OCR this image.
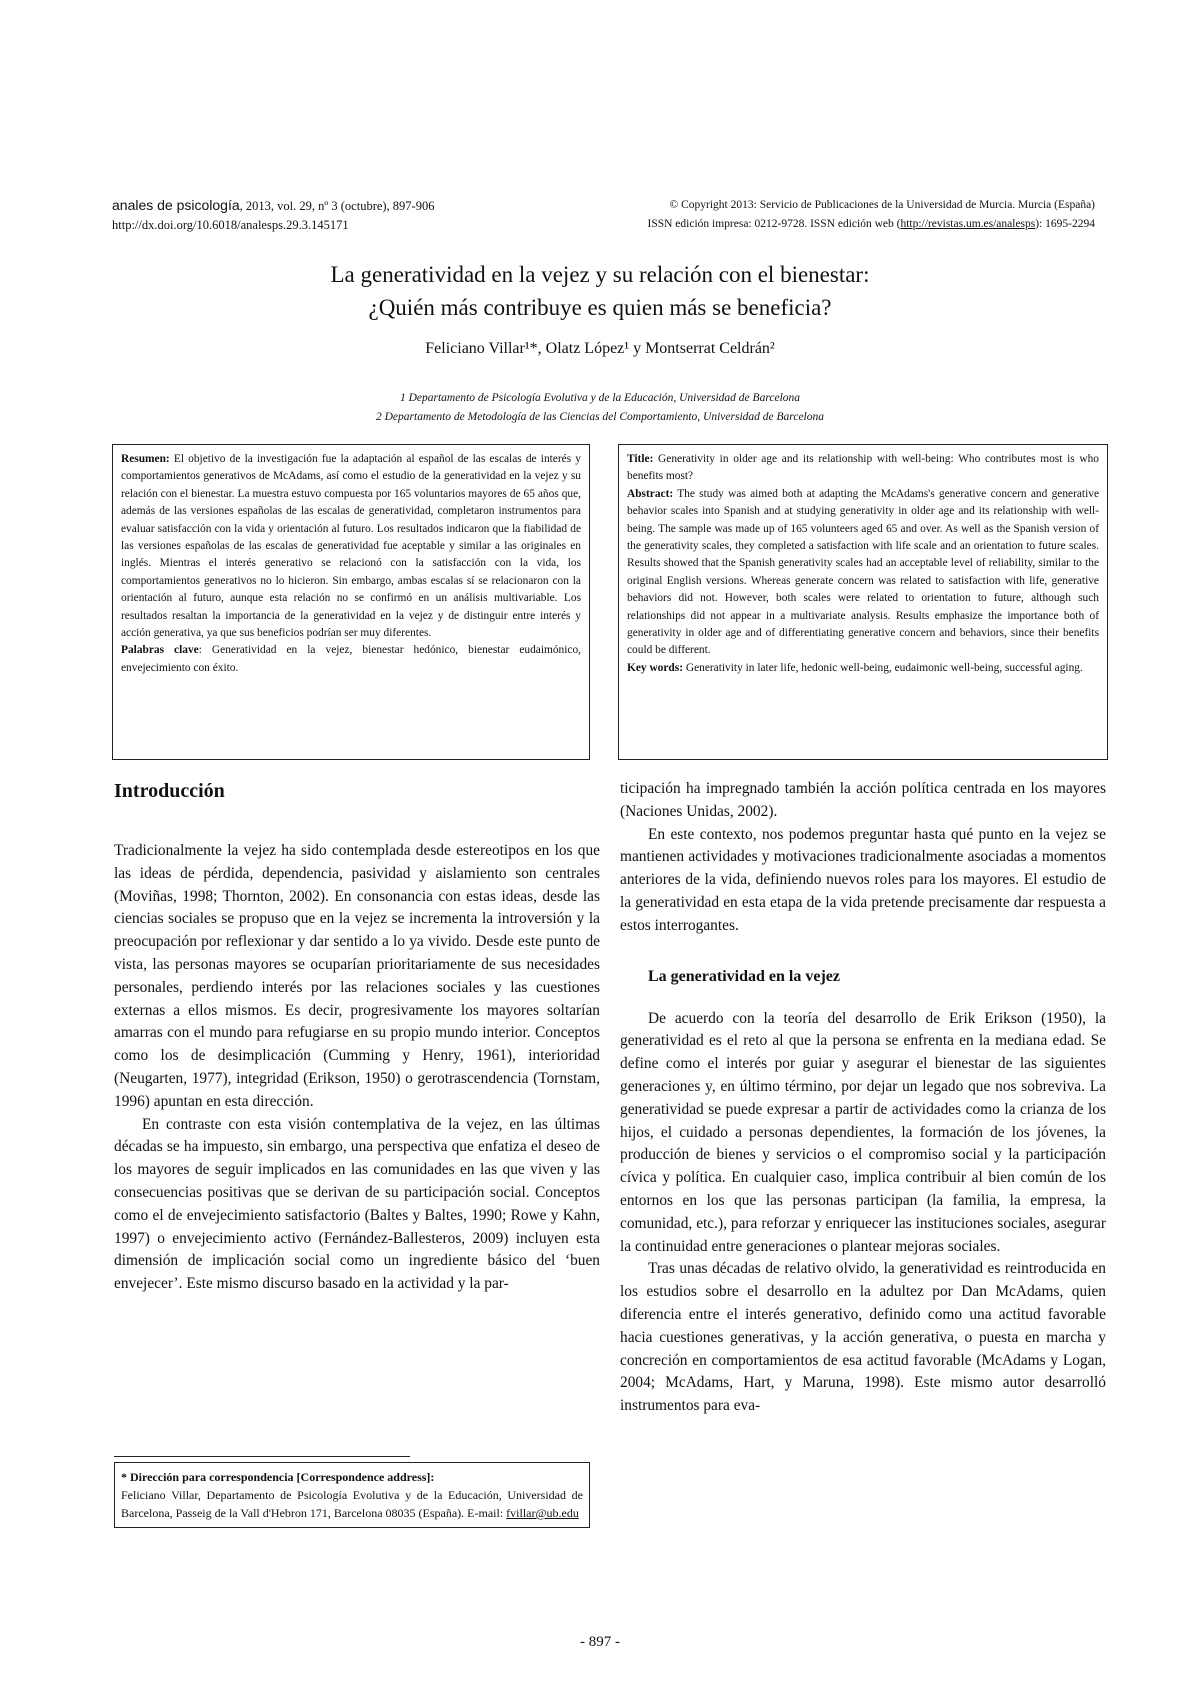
anales de psicología, 2013, vol. 29, nº 3 (octubre), 897-906
http://dx.doi.org/10.6018/analesps.29.3.145171
© Copyright 2013: Servicio de Publicaciones de la Universidad de Murcia. Murcia (España)
ISSN edición impresa: 0212-9728. ISSN edición web (http://revistas.um.es/analesps): 1695-2294
La generatividad en la vejez y su relación con el bienestar:
¿Quién más contribuye es quien más se beneficia?
Feliciano Villar¹*, Olatz López¹ y Montserrat Celdrán²
1 Departamento de Psicología Evolutiva y de la Educación, Universidad de Barcelona
2 Departamento de Metodología de las Ciencias del Comportamiento, Universidad de Barcelona

Resumen: El objetivo de la investigación fue la adaptación al español de las escalas de interés y comportamientos generativos de McAdams, así como el estudio de la generatividad en la vejez y su relación con el bienestar. La muestra estuvo compuesta por 165 voluntarios mayores de 65 años que, además de las versiones españolas de las escalas de generatividad, completaron instrumentos para evaluar satisfacción con la vida y orientación al futuro. Los resultados indicaron que la fiabilidad de las versiones españolas de las escalas de generatividad fue aceptable y similar a las originales en inglés. Mientras el interés generativo se relacionó con la satisfacción con la vida, los comportamientos generativos no lo hicieron. Sin embargo, ambas escalas sí se relacionaron con la orientación al futuro, aunque esta relación no se confirmó en un análisis multivariable. Los resultados resaltan la importancia de la generatividad en la vejez y de distinguir entre interés y acción generativa, ya que sus beneficios podrían ser muy diferentes.

Palabras clave: Generatividad en la vejez, bienestar hedónico, bienestar eudaimónico, envejecimiento con éxito.

Title: Generativity in older age and its relationship with well-being: Who contributes most is who benefits most?

Abstract: The study was aimed both at adapting the McAdams's generative concern and generative behavior scales into Spanish and at studying generativity in older age and its relationship with well-being. The sample was made up of 165 volunteers aged 65 and over. As well as the Spanish version of the generativity scales, they completed a satisfaction with life scale and an orientation to future scales. Results showed that the Spanish generativity scales had an acceptable level of reliability, similar to the original English versions. Whereas generate concern was related to satisfaction with life, generative behaviors did not. However, both scales were related to orientation to future, although such relationships did not appear in a multivariate analysis. Results emphasize the importance both of generativity in older age and of differentiating generative concern and behaviors, since their benefits could be different.

Key words: Generativity in later life, hedonic well-being, eudaimonic well-being, successful aging.

Introducción

Tradicionalmente la vejez ha sido contemplada desde estereotipos en los que las ideas de pérdida, dependencia, pasividad y aislamiento son centrales (Moviñas, 1998; Thornton, 2002). En consonancia con estas ideas, desde las ciencias sociales se propuso que en la vejez se incrementa la introversión y la preocupación por reflexionar y dar sentido a lo ya vivido. Desde este punto de vista, las personas mayores se ocuparían prioritariamente de sus necesidades personales, perdiendo interés por las relaciones sociales y las cuestiones externas a ellos mismos. Es decir, progresivamente los mayores soltarían amarras con el mundo para refugiarse en su propio mundo interior. Conceptos como los de desimplicación (Cumming y Henry, 1961), interioridad (Neugarten, 1977), integridad (Erikson, 1950) o gerotrascendencia (Tornstam, 1996) apuntan en esta dirección.

En contraste con esta visión contemplativa de la vejez, en las últimas décadas se ha impuesto, sin embargo, una perspectiva que enfatiza el deseo de los mayores de seguir implicados en las comunidades en las que viven y las consecuencias positivas que se derivan de su participación social. Conceptos como el de envejecimiento satisfactorio (Baltes y Baltes, 1990; Rowe y Kahn, 1997) o envejecimiento activo (Fernández-Ballesteros, 2009) incluyen esta dimensión de implicación social como un ingrediente básico del ‘buen envejecer’. Este mismo discurso basado en la actividad y la par-

ticipación ha impregnado también la acción política centrada en los mayores (Naciones Unidas, 2002).

En este contexto, nos podemos preguntar hasta qué punto en la vejez se mantienen actividades y motivaciones tradicionalmente asociadas a momentos anteriores de la vida, definiendo nuevos roles para los mayores. El estudio de la generatividad en esta etapa de la vida pretende precisamente dar respuesta a estos interrogantes.

La generatividad en la vejez

De acuerdo con la teoría del desarrollo de Erik Erikson (1950), la generatividad es el reto al que la persona se enfrenta en la mediana edad. Se define como el interés por guiar y asegurar el bienestar de las siguientes generaciones y, en último término, por dejar un legado que nos sobreviva. La generatividad se puede expresar a partir de actividades como la crianza de los hijos, el cuidado a personas dependientes, la formación de los jóvenes, la producción de bienes y servicios o el compromiso social y la participación cívica y política. En cualquier caso, implica contribuir al bien común de los entornos en los que las personas participan (la familia, la empresa, la comunidad, etc.), para reforzar y enriquecer las instituciones sociales, asegurar la continuidad entre generaciones o plantear mejoras sociales.

Tras unas décadas de relativo olvido, la generatividad es reintroducida en los estudios sobre el desarrollo en la adultez por Dan McAdams, quien diferencia entre el interés generativo, definido como una actitud favorable hacia cuestiones generativas, y la acción generativa, o puesta en marcha y concreción en comportamientos de esa actitud favorable (McAdams y Logan, 2004; McAdams, Hart, y Maruna, 1998). Este mismo autor desarrolló instrumentos para eva-

* Dirección para correspondencia [Correspondence address]:
Feliciano Villar, Departamento de Psicología Evolutiva y de la Educación, Universidad de Barcelona, Passeig de la Vall d'Hebron 171, Barcelona 08035 (España). E-mail: fvillar@ub.edu
- 897 -
